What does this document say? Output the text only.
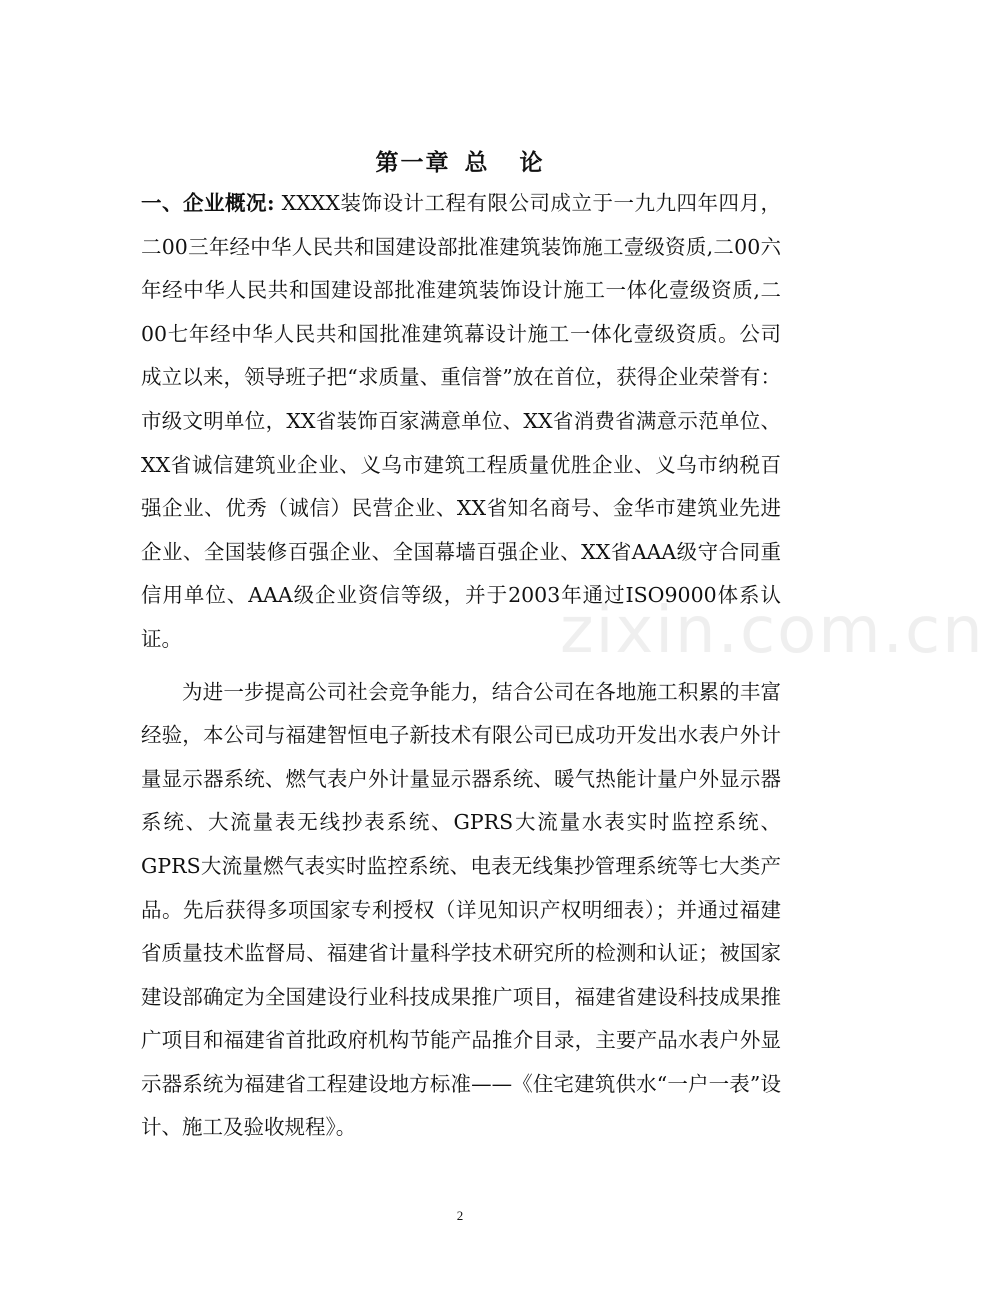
第一章 总 论

一、企业概况: XXXX装饰设计工程有限公司成立于一九九四年四月，二00三年经中华人民共和国建设部批准建筑装饰施工壹级资质,二00六年经中华人民共和国建设部批准建筑装饰设计施工一体化壹级资质,二00七年经中华人民共和国批准建筑幕设计施工一体化壹级资质。公司成立以来，领导班子把“求质量、重信誉”放在首位，获得企业荣誉有：市级文明单位，XX省装饰百家满意单位、XX省消费省满意示范单位、XX省诚信建筑业企业、义乌市建筑工程质量优胜企业、义乌市纳税百强企业、优秀（诚信）民营企业、XX省知名商号、金华市建筑业先进企业、全国装修百强企业、全国幕墙百强企业、XX省AAA级守合同重信用单位、AAA级企业资信等级，并于2003年通过ISO9000体系认证。

为进一步提高公司社会竞争能力，结合公司在各地施工积累的丰富经验，本公司与福建智恒电子新技术有限公司已成功开发出水表户外计量显示器系统、燃气表户外计量显示器系统、暖气热能计量户外显示器系统、大流量表无线抄表系统、GPRS大流量水表实时监控系统、GPRS大流量燃气表实时监控系统、电表无线集抄管理系统等七大类产品。先后获得多项国家专利授权（详见知识产权明细表）；并通过福建省质量技术监督局、福建省计量科学技术研究所的检测和认证；被国家建设部确定为全国建设行业科技成果推广项目，福建省建设科技成果推广项目和福建省首批政府机构节能产品推介目录，主要产品水表户外显示器系统为福建省工程建设地方标准——《住宅建筑供水“一户一表”设计、施工及验收规程》。

zixin.com.cn
2
